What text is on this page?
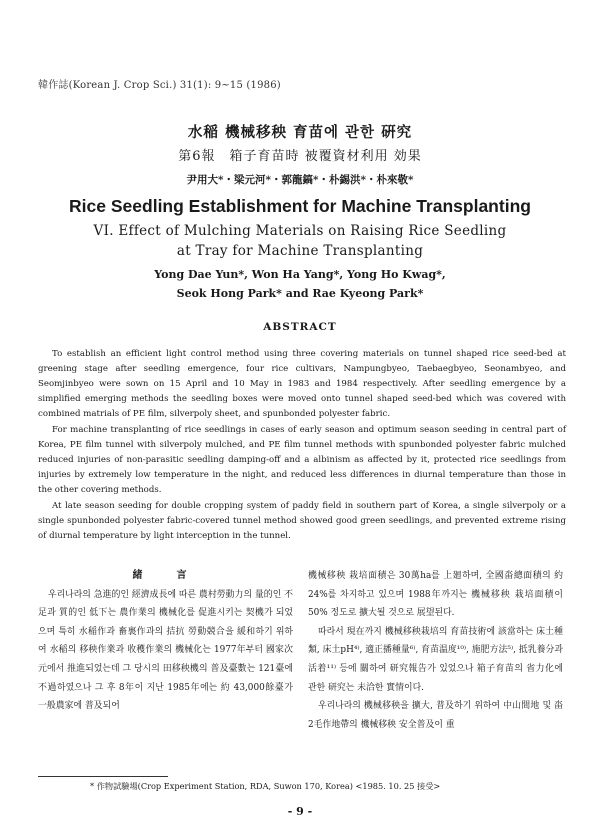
韓作誌(Korean J. Crop Sci.) 31(1): 9~15 (1986)
水稲 機械移秧 育苗에 관한 硏究
第6報　箱子育苗時 被覆資材利用 効果
尹用大*・梁元河*・郭龍鎬*・朴錫洪*・朴來敬*
Rice Seedling Establishment for Machine Transplanting
VI. Effect of Mulching Materials on Raising Rice Seedling
at Tray for Machine Transplanting
Yong Dae Yun*, Won Ha Yang*, Yong Ho Kwag*,
Seok Hong Park* and Rae Kyeong Park*
ABSTRACT

To establish an efficient light control method using three covering materials on tunnel shaped rice seed-bed at greening stage after seedling emergence, four rice cultivars, Nampungbyeo, Taebaegbyeo, Seonambyeo, and Seomjinbyeo were sown on 15 April and 10 May in 1983 and 1984 respectively. After seedling emergence by a simplified emerging methods the seedling boxes were moved onto tunnel shaped seed-bed which was covered with combined matrials of PE film, silverpoly sheet, and spunbonded polyester fabric.

For machine transplanting of rice seedlings in cases of early season and optimum season seeding in central part of Korea, PE film tunnel with silverpoly mulched, and PE film tunnel methods with spunbonded polyester fabric mulched reduced injuries of non-parasitic seedling damping-off and a albinism as affected by it, protected rice seedlings from injuries by extremely low temperature in the night, and reduced less differences in diurnal temperature than those in the other covering methods.

At late season seeding for double cropping system of paddy field in southern part of Korea, a single silverpoly or a single spunbonded polyester fabric-covered tunnel method showed good green seedlings, and prevented extreme rising of diurnal temperature by light interception in the tunnel.

緒　言

우리나라의 急進的인 經濟成長에 따른 農村勞動力의 量的인 不足과 質的인 低下는 農作業의 機械化를 促進시키는 契機가 되었으며 특히 水稲作과 畜裏作과의 拮抗 勞動競合을 緩和하기 위하여 水稲의 移秧作業과 收穫作業의 機械化는 1977年부터 國家次元에서 推進되었는데 그 당시의 田移秧機의 普及臺數는 121臺에 不過하였으나 그 후 8年이 지난 1985年에는 約 43,000餘臺가 一般農家에 普及되어

機械移秧 栽培面積은 30萬ha를 上廻하며, 全國畓總面積의 約 24%를 차지하고 있으며 1988年까지는 機械移秧 栽培面積이 50% 정도로 擴大될 것으로 展望된다.

따라서 現在까지 機械移秧栽培의 育苗技術에 該當하는 床土種類, 床土pH⁴⁾, 適正播種量⁶⁾, 育苗温度¹⁰⁾, 施肥方法⁵⁾, 抵乳養分과 活着¹¹⁾ 등에 關하여 研究報告가 있었으나 箱子育苗의 省力化에 관한 研究는 未洽한 實情이다.

우리나라의 機械移秧을 擴大, 普及하기 위하여 中山間地 및 畓2毛作地帶의 機械移秧 安全普及이 重

* 作物試驗場(Crop Experiment Station, RDA, Suwon 170, Korea) <1985. 10. 25 接受>
- 9 -
